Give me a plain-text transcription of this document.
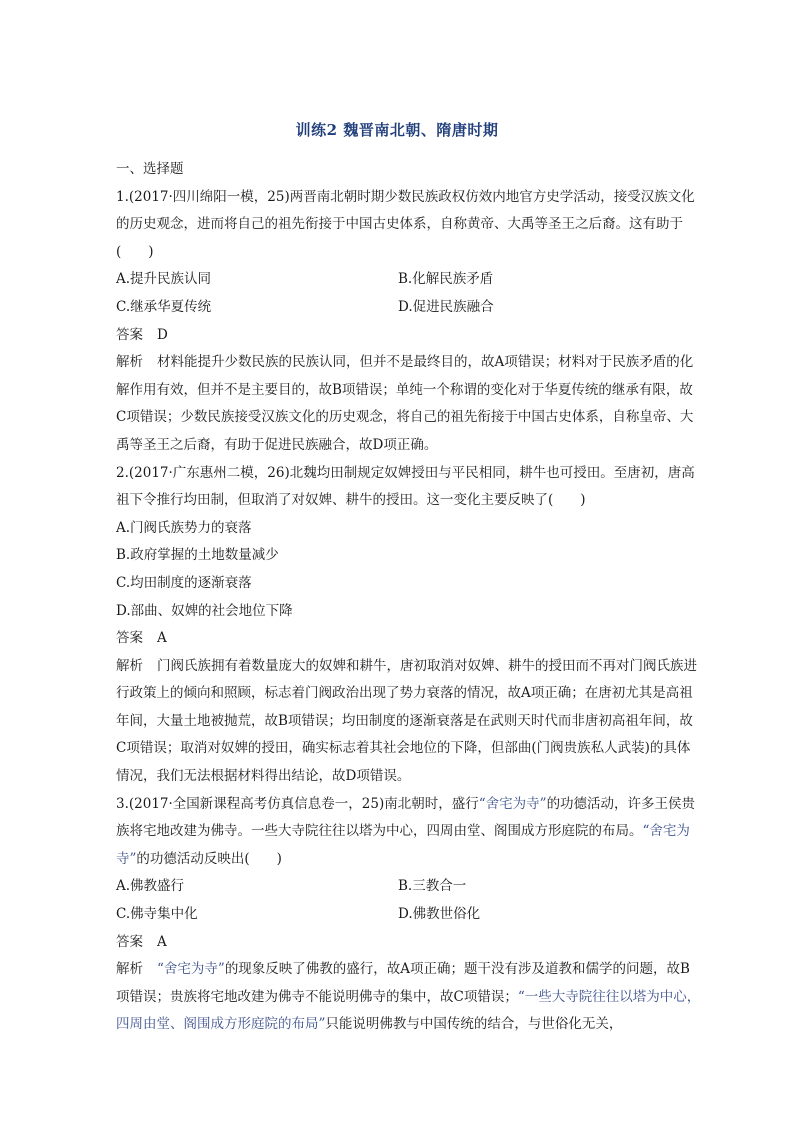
训练2 魏晋南北朝、隋唐时期

一、选择题

1.(2017·四川绵阳一模，25)两晋南北朝时期少数民族政权仿效内地官方史学活动，接受汉族文化的历史观念，进而将自己的祖先衔接于中国古史体系，自称黄帝、大禹等圣王之后裔。这有助于(　　)

A.提升民族认同	B.化解民族矛盾
C.继承华夏传统	D.促进民族融合

答案 D

解析 材料能提升少数民族的民族认同，但并不是最终目的，故A项错误；材料对于民族矛盾的化解作用有效，但并不是主要目的，故B项错误；单纯一个称谓的变化对于华夏传统的继承有限，故C项错误；少数民族接受汉族文化的历史观念，将自己的祖先衔接于中国古史体系，自称皇帝、大禹等圣王之后裔，有助于促进民族融合，故D项正确。

2.(2017·广东惠州二模，26)北魏均田制规定奴婢授田与平民相同，耕牛也可授田。至唐初，唐高祖下令推行均田制，但取消了对奴婢、耕牛的授田。这一变化主要反映了(　　)

A.门阀氏族势力的衰落

B.政府掌握的土地数量减少

C.均田制度的逐渐衰落

D.部曲、奴婢的社会地位下降

答案 A

解析 门阀氏族拥有着数量庞大的奴婢和耕牛，唐初取消对奴婢、耕牛的授田而不再对门阀氏族进行政策上的倾向和照顾，标志着门阀政治出现了势力衰落的情况，故A项正确；在唐初尤其是高祖年间，大量土地被抛荒，故B项错误；均田制度的逐渐衰落是在武则天时代而非唐初高祖年间，故C项错误；取消对奴婢的授田，确实标志着其社会地位的下降，但部曲(门阀贵族私人武装)的具体情况，我们无法根据材料得出结论，故D项错误。

3.(2017·全国新课程高考仿真信息卷一，25)南北朝时，盛行“舍宅为寺”的功德活动，许多王侯贵族将宅地改建为佛寺。一些大寺院往往以塔为中心，四周由堂、阁围成方形庭院的布局。“舍宅为寺”的功德活动反映出(　　)

A.佛教盛行	B.三教合一
C.佛寺集中化	D.佛教世俗化

答案 A

解析 “舍宅为寺”的现象反映了佛教的盛行，故A项正确；题干没有涉及道教和儒学的问题，故B项错误；贵族将宅地改建为佛寺不能说明佛寺的集中，故C项错误；“一些大寺院往往以塔为中心，四周由堂、阁围成方形庭院的布局”只能说明佛教与中国传统的结合，与世俗化无关，
